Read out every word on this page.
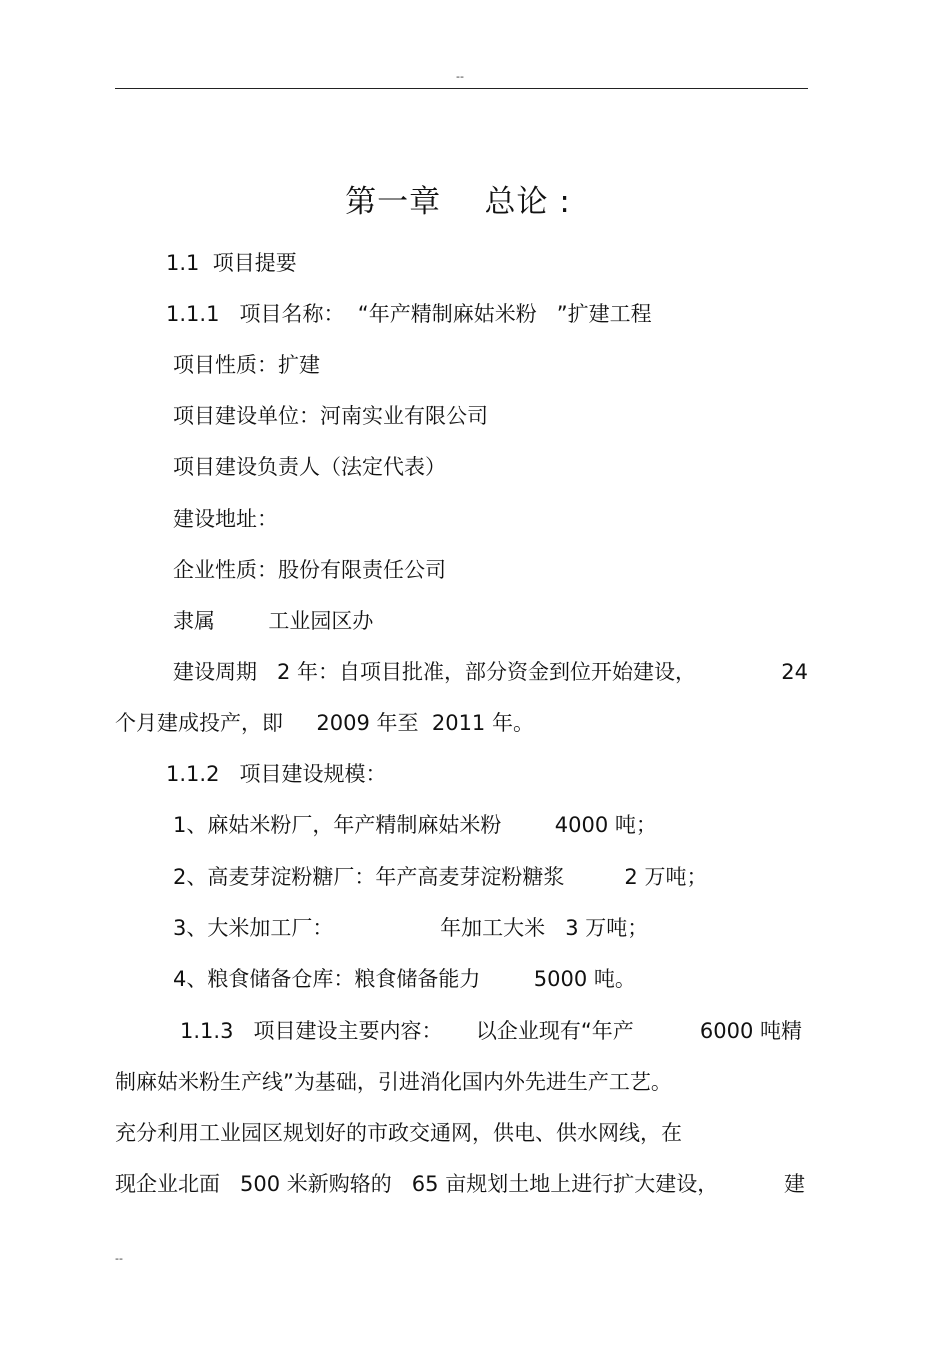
--
第一章    总论 :
1.1  项目提要
1.1.1   项目名称：  “年产精制麻姑米粉   ”扩建工程
项目性质：扩建
项目建设单位：河南实业有限公司
项目建设负责人（法定代表）
建设地址：
企业性质：股份有限责任公司
隶属        工业园区办
建设周期   2 年：自项目批准，部分资金到位开始建设，	24
个月建成投产，即     2009 年至  2011 年。
1.1.2   项目建设规模：
1、麻姑米粉厂，年产精制麻姑米粉        4000 吨；
2、高麦芽淀粉糖厂：年产高麦芽淀粉糖浆         2 万吨；
3、大米加工厂：                年加工大米   3 万吨；
4、粮食储备仓库：粮食储备能力        5000 吨。
1.1.3   项目建设主要内容：     以企业现有“年产	6000 吨精
制麻姑米粉生产线”为基础，引进消化国内外先进生产工艺。
充分利用工业园区规划好的市政交通网，供电、供水网线，在
现企业北面   500 米新购辂的   65 亩规划土地上进行扩大建设，	建
--
